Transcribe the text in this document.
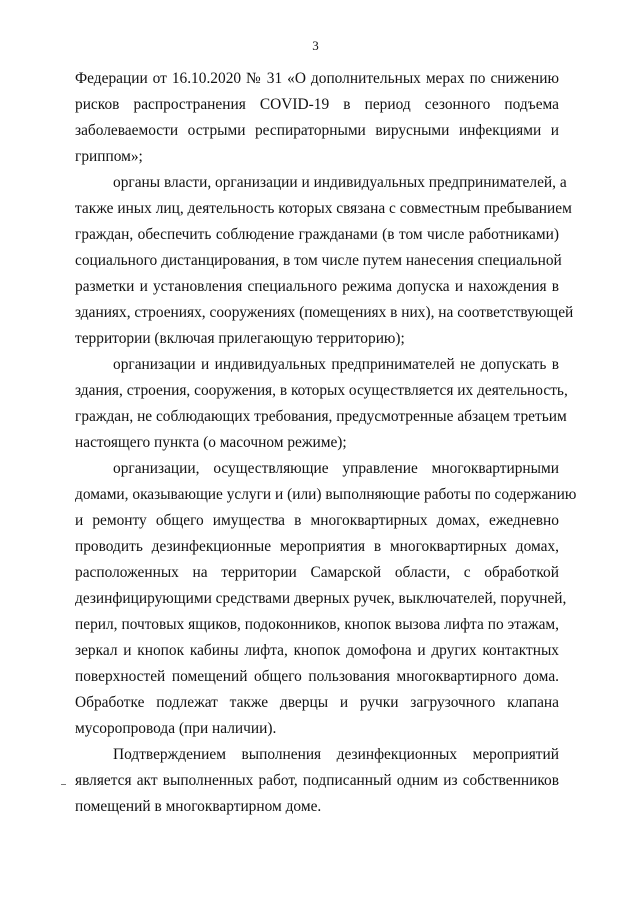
3
Федерации от 16.10.2020 № 31 «О дополнительных мерах по снижению
рисков распространения COVID-19 в период сезонного подъема
заболеваемости острыми респираторными вирусными инфекциями и
гриппом»;
органы власти, организации и индивидуальных предпринимателей, а
также иных лиц, деятельность которых связана с совместным пребыванием
граждан, обеспечить соблюдение гражданами (в том числе работниками)
социального дистанцирования, в том числе путем нанесения специальной
разметки и установления специального режима допуска и нахождения в
зданиях, строениях, сооружениях (помещениях в них), на соответствующей
территории (включая прилегающую территорию);
организации и индивидуальных предпринимателей не допускать в
здания, строения, сооружения, в которых осуществляется их деятельность,
граждан, не соблюдающих требования, предусмотренные абзацем третьим
настоящего пункта (о масочном режиме);
организации, осуществляющие управление многоквартирными
домами, оказывающие услуги и (или) выполняющие работы по содержанию
и ремонту общего имущества в многоквартирных домах, ежедневно
проводить дезинфекционные мероприятия в многоквартирных домах,
расположенных на территории Самарской области, с обработкой
дезинфицирующими средствами дверных ручек, выключателей, поручней,
перил, почтовых ящиков, подоконников, кнопок вызова лифта по этажам,
зеркал и кнопок кабины лифта, кнопок домофона и других контактных
поверхностей помещений общего пользования многоквартирного дома.
Обработке подлежат также дверцы и ручки загрузочного клапана
мусоропровода (при наличии).
Подтверждением выполнения дезинфекционных мероприятий
является акт выполненных работ, подписанный одним из собственников
помещений в многоквартирном доме.
